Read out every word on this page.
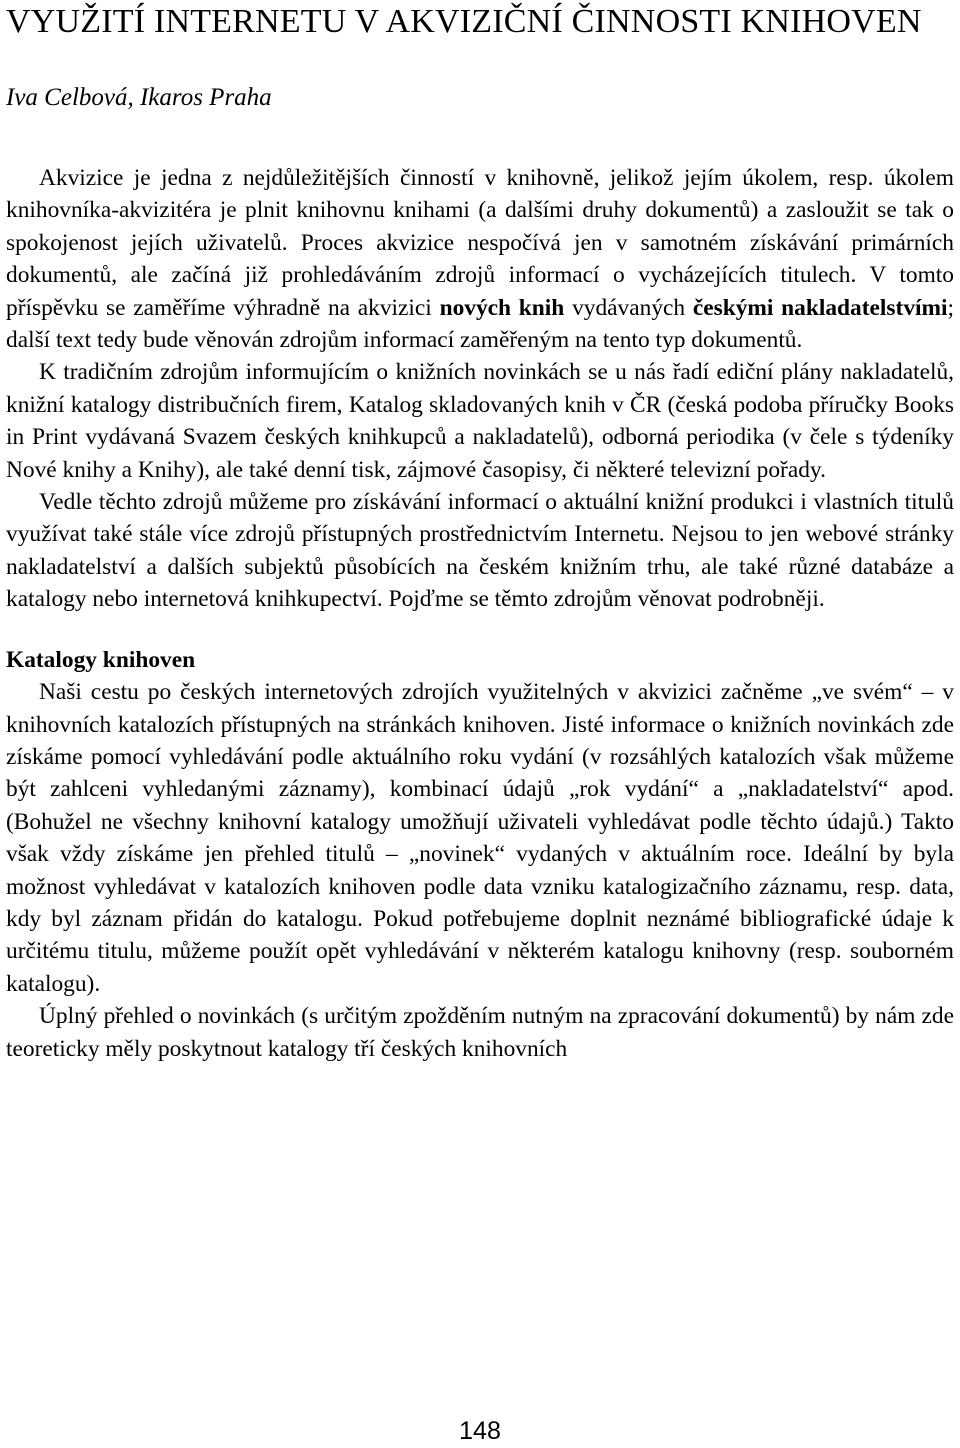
VYUŽITÍ INTERNETU V AKVIZIČNÍ ČINNOSTI KNIHOVEN
Iva Celbová, Ikaros Praha

Akvizice je jedna z nejdůležitějších činností v knihovně, jelikož jejím úkolem, resp. úkolem knihovníka-akvizitéra je plnit knihovnu knihami (a dalšími druhy dokumentů) a zasloužit se tak o spokojenost jejích uživatelů. Proces akvizice nespočívá jen v samotném získávání primárních dokumentů, ale začíná již prohledáváním zdrojů informací o vycházejících titulech. V tomto příspěvku se zaměříme výhradně na akvizici nových knih vydávaných českými nakladatelstvími; další text tedy bude věnován zdrojům informací zaměřeným na tento typ dokumentů.

K tradičním zdrojům informujícím o knižních novinkách se u nás řadí ediční plány nakladatelů, knižní katalogy distribučních firem, Katalog skladovaných knih v ČR (česká podoba příručky Books in Print vydávaná Svazem českých knihkupců a nakladatelů), odborná periodika (v čele s týdeníky Nové knihy a Knihy), ale také denní tisk, zájmové časopisy, či některé televizní pořady.

Vedle těchto zdrojů můžeme pro získávání informací o aktuální knižní produkci i vlastních titulů využívat také stále více zdrojů přístupných prostřednictvím Internetu. Nejsou to jen webové stránky nakladatelství a dalších subjektů působících na českém knižním trhu, ale také různé databáze a katalogy nebo internetová knihkupectví. Pojďme se těmto zdrojům věnovat podrobněji.

Katalogy knihoven

Naši cestu po českých internetových zdrojích využitelných v akvizici začněme „ve svém“ – v knihovních katalozích přístupných na stránkách knihoven. Jisté informace o knižních novinkách zde získáme pomocí vyhledávání podle aktuálního roku vydání (v rozsáhlých katalozích však můžeme být zahlceni vyhledanými záznamy), kombinací údajů „rok vydání“ a „nakladatelství“ apod. (Bohužel ne všechny knihovní katalogy umožňují uživateli vyhledávat podle těchto údajů.) Takto však vždy získáme jen přehled titulů – „novinek“ vydaných v aktuálním roce. Ideální by byla možnost vyhledávat v katalozích knihoven podle data vzniku katalogizačního záznamu, resp. data, kdy byl záznam přidán do katalogu. Pokud potřebujeme doplnit neznámé bibliografické údaje k určitému titulu, můžeme použít opět vyhledávání v některém katalogu knihovny (resp. souborném katalogu).

Úplný přehled o novinkách (s určitým zpožděním nutným na zpracování dokumentů) by nám zde teoreticky měly poskytnout katalogy tří českých knihovních

148
